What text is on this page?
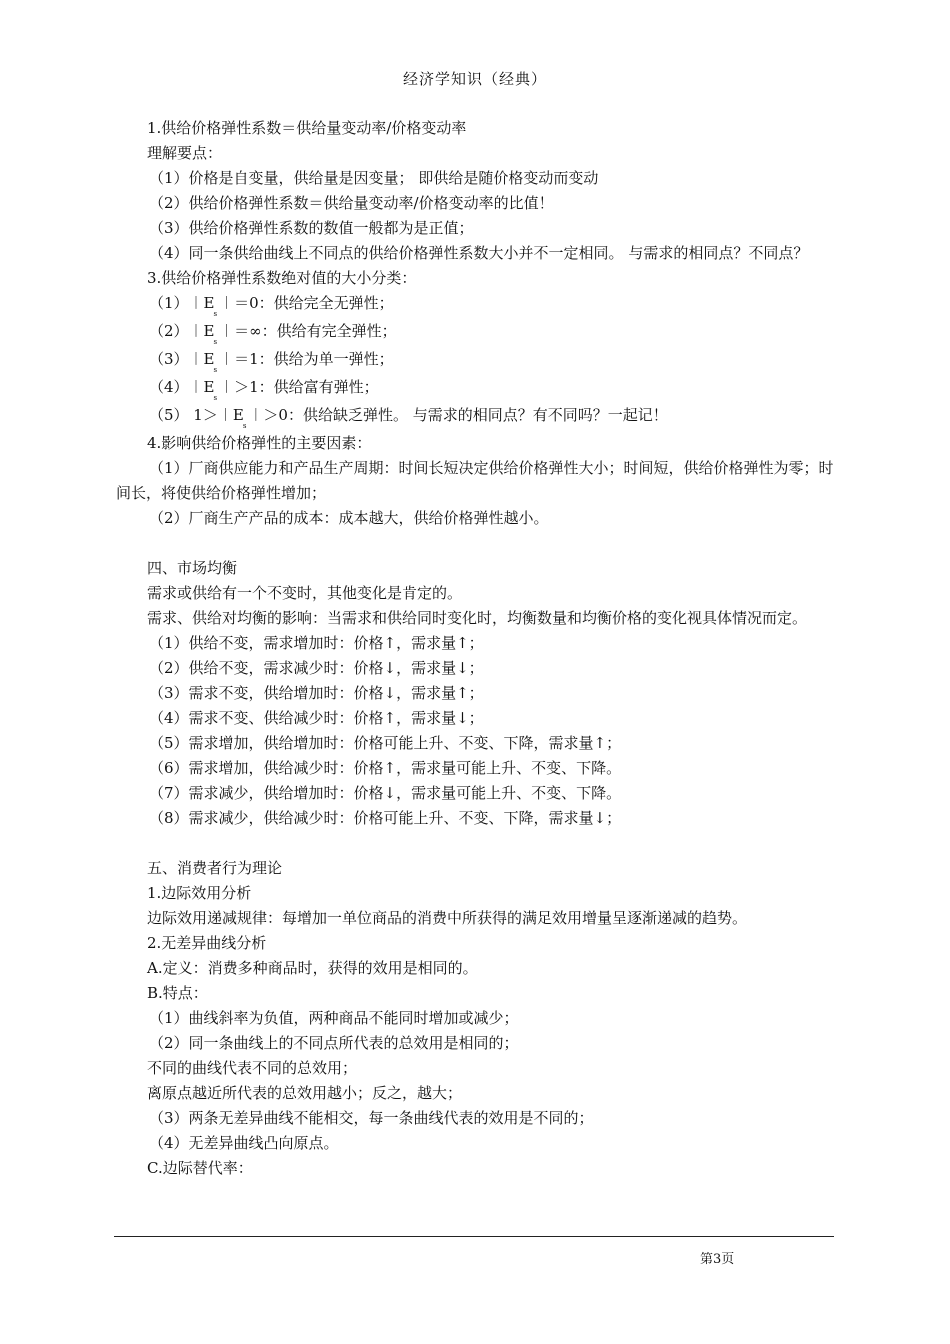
经济学知识（经典）
1.供给价格弹性系数＝供给量变动率/价格变动率
理解要点：
（1）价格是自变量，供给量是因变量； 即供给是随价格变动而变动
（2）供给价格弹性系数＝供给量变动率/价格变动率的比值！
（3）供给价格弹性系数的数值一般都为是正值；
（4）同一条供给曲线上不同点的供给价格弹性系数大小并不一定相同。 与需求的相同点？不同点？
3.供给价格弹性系数绝对值的大小分类：
$(1)︱E_s︱=0$：供给完全无弹性；
$(2)︱E_s︱=\infty$：供给有完全弹性；
$(3)︱E_s︱=1$：供给为单一弹性；
$(4)︱E_s︱>1$：供给富有弹性；
（5） $1>︱E_s︱>0$：供给缺乏弹性。 与需求的相同点？有不同吗？一起记！
4.影响供给价格弹性的主要因素：
（1）厂商供应能力和产品生产周期：时间长短决定供给价格弹性大小；时间短，供给价格弹性为零；时间长，将使供给价格弹性增加；
（2）厂商生产产品的成本：成本越大，供给价格弹性越小。
四、市场均衡
需求或供给有一个不变时，其他变化是肯定的。
需求、供给对均衡的影响：当需求和供给同时变化时，均衡数量和均衡价格的变化视具体情况而定。
（1）供给不变，需求增加时：价格↑，需求量↑；
（2）供给不变，需求减少时：价格↓，需求量↓；
（3）需求不变，供给增加时：价格↓，需求量↑；
（4）需求不变、供给减少时：价格↑，需求量↓；
（5）需求增加，供给增加时：价格可能上升、不变、下降，需求量↑；
（6）需求增加，供给减少时：价格↑，需求量可能上升、不变、下降。
（7）需求减少，供给增加时：价格↓，需求量可能上升、不变、下降。
（8）需求减少，供给减少时：价格可能上升、不变、下降，需求量↓；
五、消费者行为理论
1.边际效用分析
边际效用递减规律：每增加一单位商品的消费中所获得的满足效用增量呈逐渐递减的趋势。
2.无差异曲线分析
A.定义：消费多种商品时，获得的效用是相同的。
B.特点：
（1）曲线斜率为负值，两种商品不能同时增加或减少；
（2）同一条曲线上的不同点所代表的总效用是相同的；
不同的曲线代表不同的总效用；
离原点越近所代表的总效用越小；反之，越大；
（3）两条无差异曲线不能相交，每一条曲线代表的效用是不同的；
（4）无差异曲线凸向原点。
C.边际替代率：
第3页
